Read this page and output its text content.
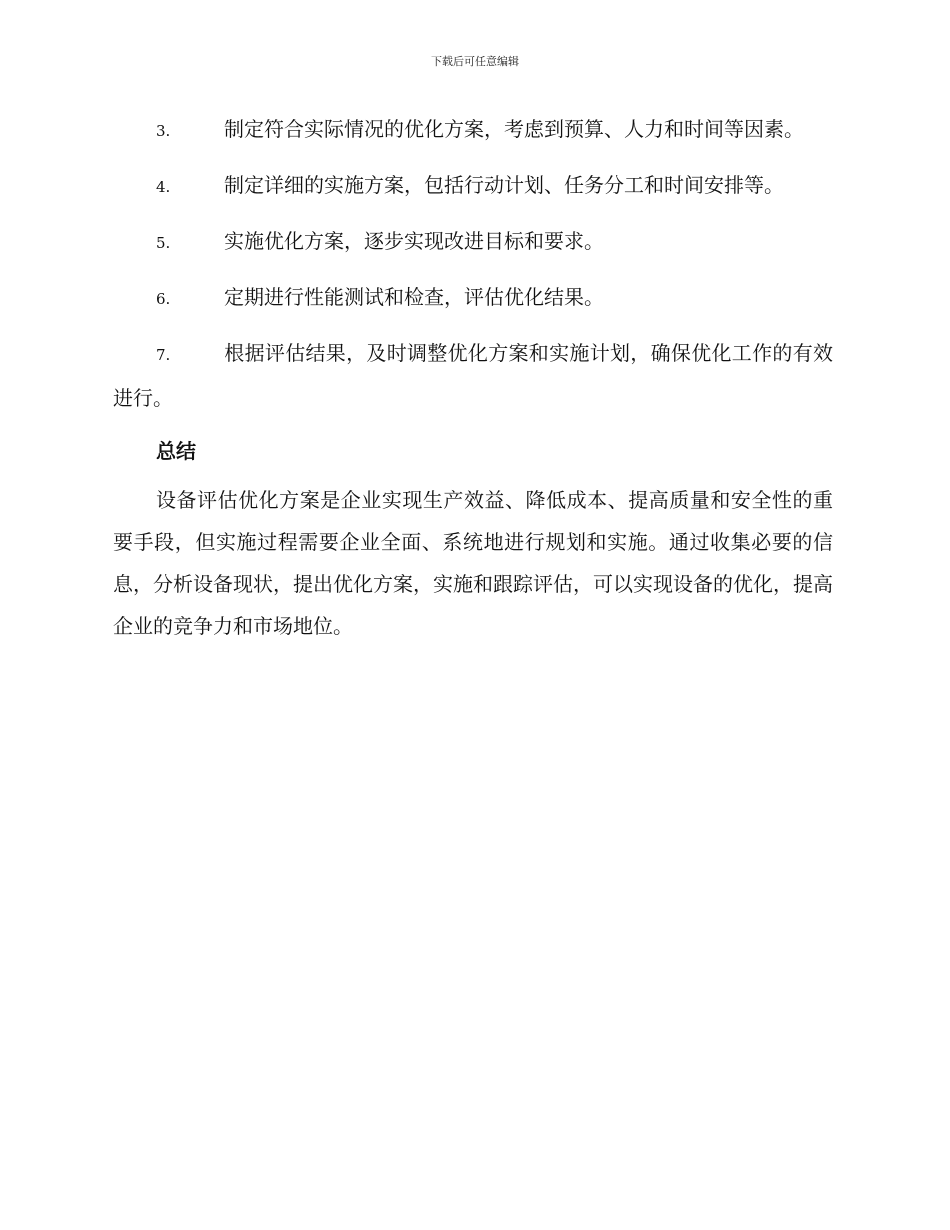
下载后可任意编辑
3.	制定符合实际情况的优化方案，考虑到预算、人力和时间等因素。
4.	制定详细的实施方案，包括行动计划、任务分工和时间安排等。
5.	实施优化方案，逐步实现改进目标和要求。
6.	定期进行性能测试和检查，评估优化结果。
7.	根据评估结果，及时调整优化方案和实施计划，确保优化工作的有效进行。
总结

设备评估优化方案是企业实现生产效益、降低成本、提高质量和安全性的重要手段，但实施过程需要企业全面、系统地进行规划和实施。通过收集必要的信息，分析设备现状，提出优化方案，实施和跟踪评估，可以实现设备的优化，提高企业的竞争力和市场地位。
